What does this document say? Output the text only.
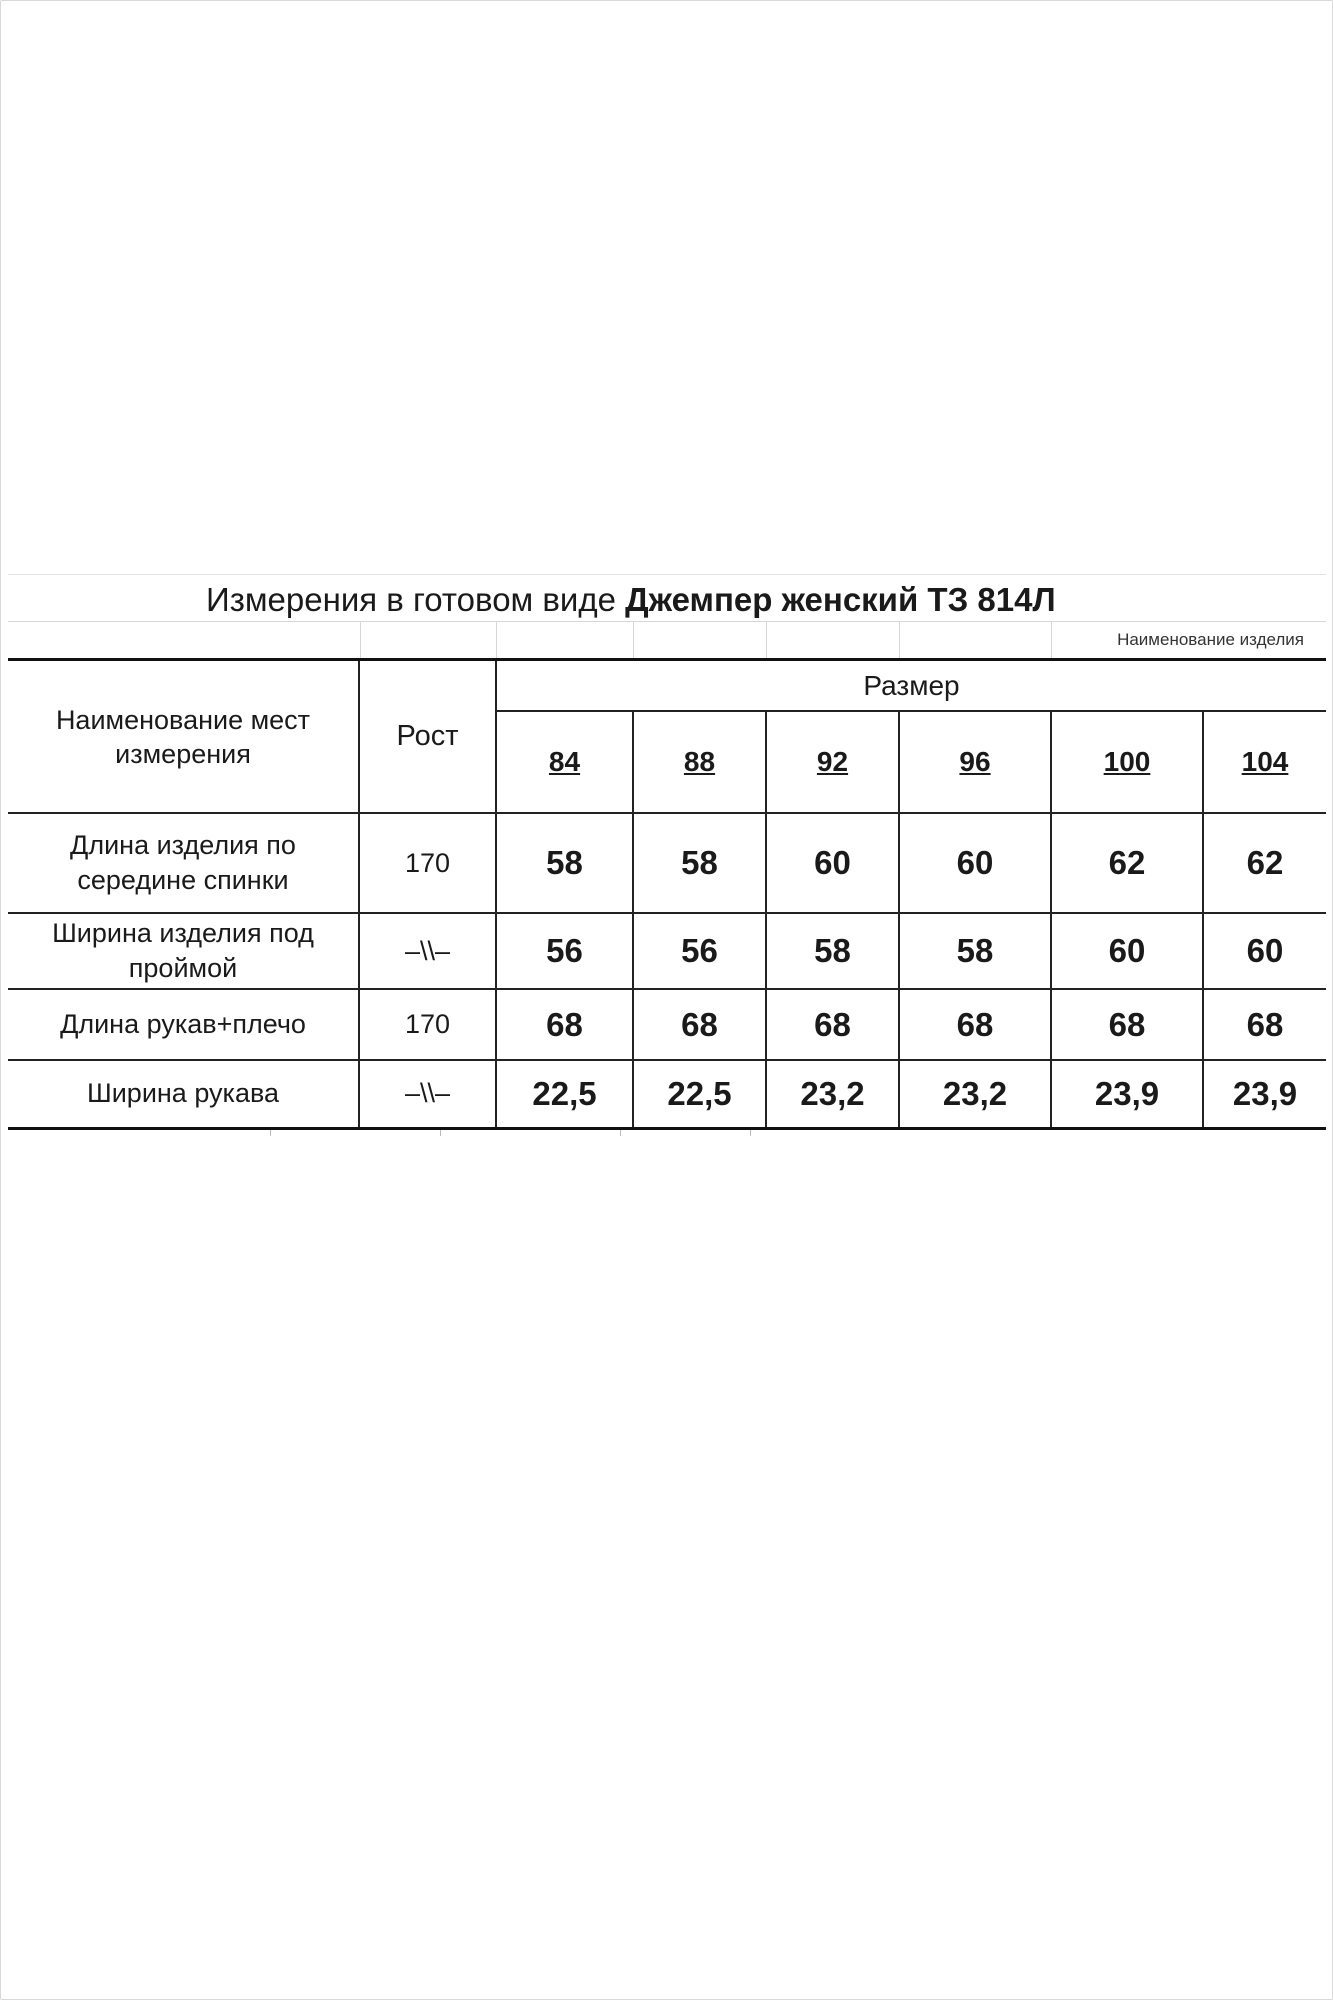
Измерения в готовом виде Джемпер женский ТЗ 814Л
Наименование изделия
Наименование мест измерения	Рост	Размер					
		84	88	92	96	100	104
Длина изделия по середине спинки	170	58	58	60	60	62	62
Ширина изделия под проймой	–\\–	56	56	58	58	60	60
Длина рукав+плечо	170	68	68	68	68	68	68
Ширина рукава	–\\–	22,5	22,5	23,2	23,2	23,9	23,9
